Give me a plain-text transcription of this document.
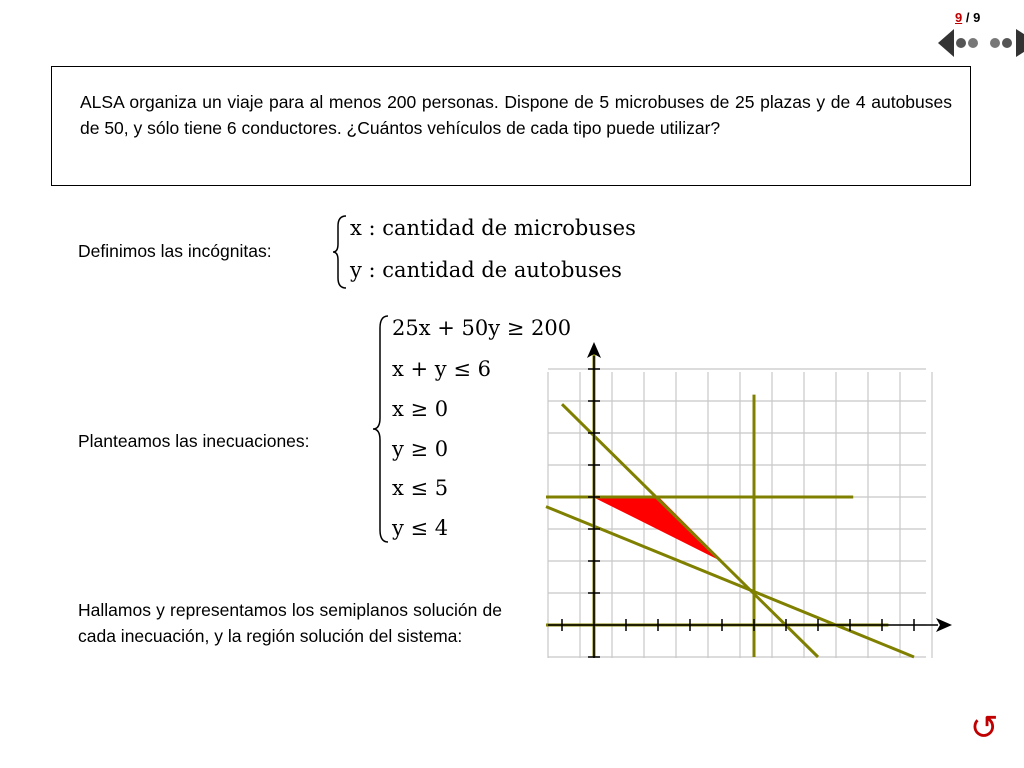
9 / 9
ALSA organiza un viaje para al menos 200 personas. Dispone de 5 microbuses de 25 plazas y de 4 autobuses de 50, y sólo tiene 6 conductores. ¿Cuántos vehículos de cada tipo puede utilizar?
Definimos las incógnitas:
x : cantidad de microbuses
y : cantidad de autobuses
Planteamos las inecuaciones:
25x + 50y ≥ 200
x + y ≤ 6
x ≥ 0
y ≥ 0
x ≤ 5
y ≤ 4
Hallamos y representamos los semiplanos solución de cada inecuación, y la región solución del sistema:
↺
